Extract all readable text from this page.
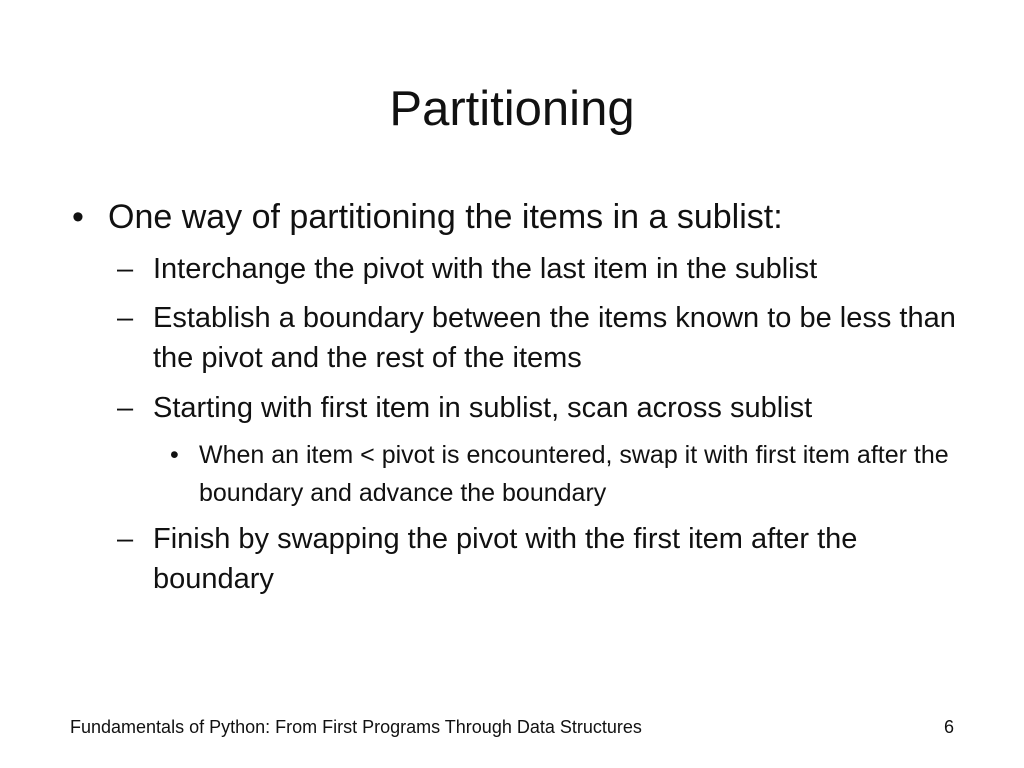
Partitioning
• One way of partitioning the items in a sublist:
– Interchange the pivot with the last item in the sublist
– Establish a boundary between the items known to be less than the pivot and the rest of the items
– Starting with first item in sublist, scan across sublist
• When an item < pivot is encountered, swap it with first item after the boundary and advance the boundary
– Finish by swapping the pivot with the first item after the boundary
Fundamentals of Python: From First Programs Through Data Structures	6
